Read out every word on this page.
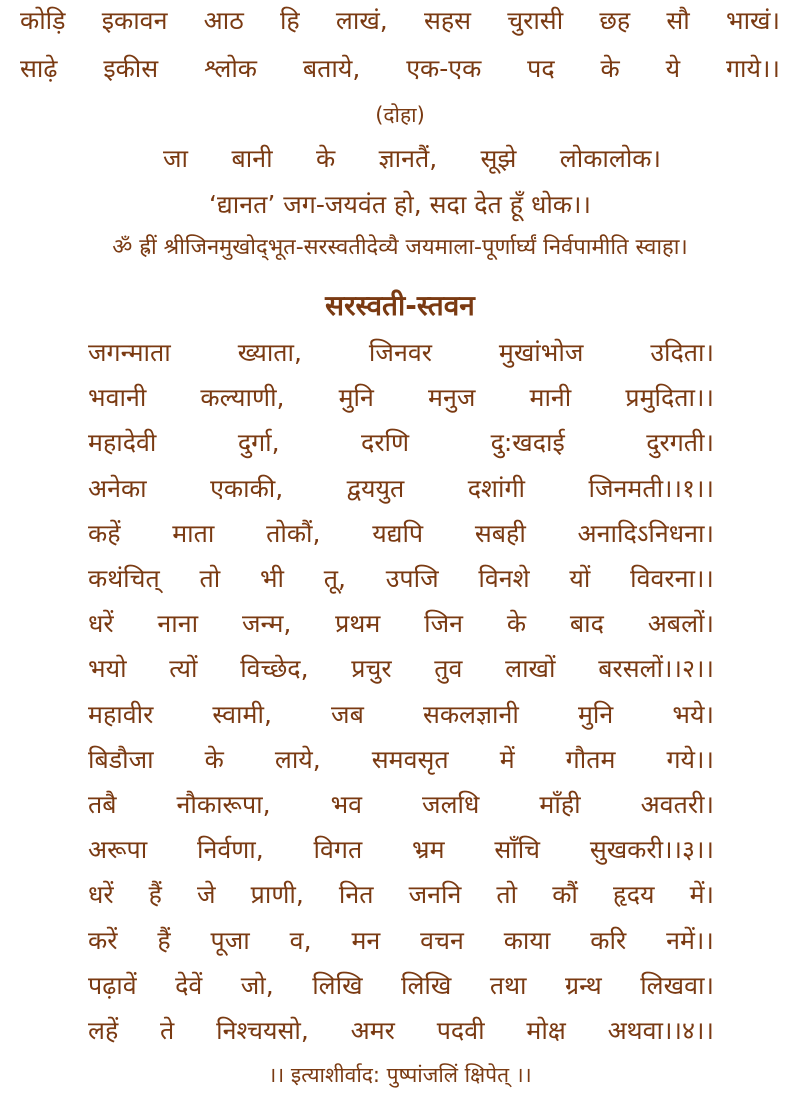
कोड़ि इकावन आठ हि लाखं, सहस चुरासी छह सौ भाखं।
साढ़े इकीस श्लोक बताये, एक-एक पद के ये गाये।।
(दोहा)
जा बानी के ज्ञानतैं, सूझे लोकालोक।
‘द्यानत’ जग-जयवंत हो, सदा देत हूँ धोक।।
ॐ ह्रीं श्रीजिनमुखोद्‌भूत-सरस्वतीदेव्यै जयमाला-पूर्णार्घ्यं निर्वपामीति स्वाहा।
सरस्वती-स्तवन
जगन्माता	ख्याता,	जिनवर	मुखांभोज	उदिता।
भवानी कल्याणी, मुनि मनुज मानी प्रमुदिता।।
महादेवी	दुर्गा,	दरणि	दु:खदाई	दुरगती।
अनेका	एकाकी,	द्वययुत	दशांगी	जिनमती।।१।।
कहें माता तोकौं, यद्यपि सबही अनादिऽनिधना।
कथंचित् तो भी तू, उपजि विनशे यों विवरना।।
धरें नाना जन्म, प्रथम जिन के बाद अबलों।
भयो त्यों विच्छेद, प्रचुर तुव लाखों बरसलों।।२।।
महावीर स्वामी, जब सकलज्ञानी मुनि भये।
बिडौजा के लाये, समवसृत में गौतम गये।।
तबै नौकारूपा, भव जलधि माँही अवतरी।
अरूपा निर्वणा, विगत भ्रम साँचि सुखकरी।।३।।
धरें हैं जे प्राणी, नित जननि तो कौं हृदय में।
करें हैं पूजा व, मन वचन काया करि नमें।।
पढ़ावें देवें जो, लिखि लिखि तथा ग्रन्थ लिखवा।
लहें ते निश्चयसो, अमर पदवी मोक्ष अथवा।।४।।
।। इत्याशीर्वाद: पुष्पांजलिं क्षिपेत् ।।
